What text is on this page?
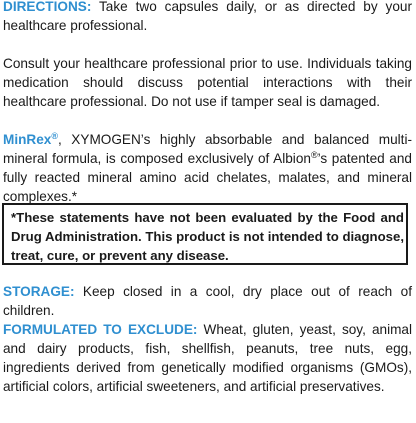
DIRECTIONS: Take two capsules daily, or as directed by your healthcare professional.

Consult your healthcare professional prior to use. Individuals taking medication should discuss potential interactions with their healthcare professional. Do not use if tamper seal is damaged.

MinRex®, XYMOGEN’s highly absorbable and balanced multi-mineral formula, is composed exclusively of Albion®’s patented and fully reacted mineral amino acid chelates, malates, and mineral complexes.*

*These statements have not been evaluated by the Food and Drug Administration. This product is not intended to diagnose, treat, cure, or prevent any disease.

STORAGE: Keep closed in a cool, dry place out of reach of children.

FORMULATED TO EXCLUDE: Wheat, gluten, yeast, soy, animal and dairy products, fish, shellfish, peanuts, tree nuts, egg, ingredients derived from genetically modified organisms (GMOs), artificial colors, artificial sweeteners, and artificial preservatives.
